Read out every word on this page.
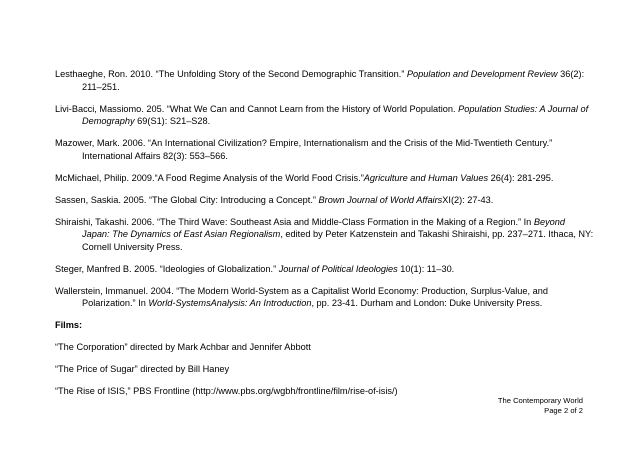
Lesthaeghe, Ron. 2010. “The Unfolding Story of the Second Demographic Transition.” Population and Development Review 36(2): 211–251.

Livi-Bacci, Massiomo. 205. “What We Can and Cannot Learn from the History of World Population. Population Studies: A Journal of Demography 69(S1): S21–S28.

Mazower, Mark. 2006. “An International Civilization? Empire, Internationalism and the Crisis of the Mid-Twentieth Century.” International Affairs 82(3): 553–566.

McMichael, Philip. 2009.“A Food Regime Analysis of the World Food Crisis.”Agriculture and Human Values 26(4): 281-295.

Sassen, Saskia. 2005. “The Global City: Introducing a Concept.” Brown Journal of World AffairsXI(2): 27-43.

Shiraishi, Takashi. 2006. “The Third Wave: Southeast Asia and Middle-Class Formation in the Making of a Region.” In Beyond Japan: The Dynamics of East Asian Regionalism, edited by Peter Katzenstein and Takashi Shiraishi, pp. 237–271. Ithaca, NY: Cornell University Press.

Steger, Manfred B. 2005. “Ideologies of Globalization.” Journal of Political Ideologies 10(1): 11–30.

Wallerstein, Immanuel. 2004. “The Modern World-System as a Capitalist World Economy: Production, Surplus-Value, and Polarization.” In World-SystemsAnalysis: An Introduction, pp. 23-41. Durham and London: Duke University Press.

Films:

“The Corporation” directed by Mark Achbar and Jennifer Abbott

“The Price of Sugar” directed by Bill Haney

“The Rise of ISIS,” PBS Frontline (http://www.pbs.org/wgbh/frontline/film/rise-of-isis/)

The Contemporary World
Page 2 of 2
